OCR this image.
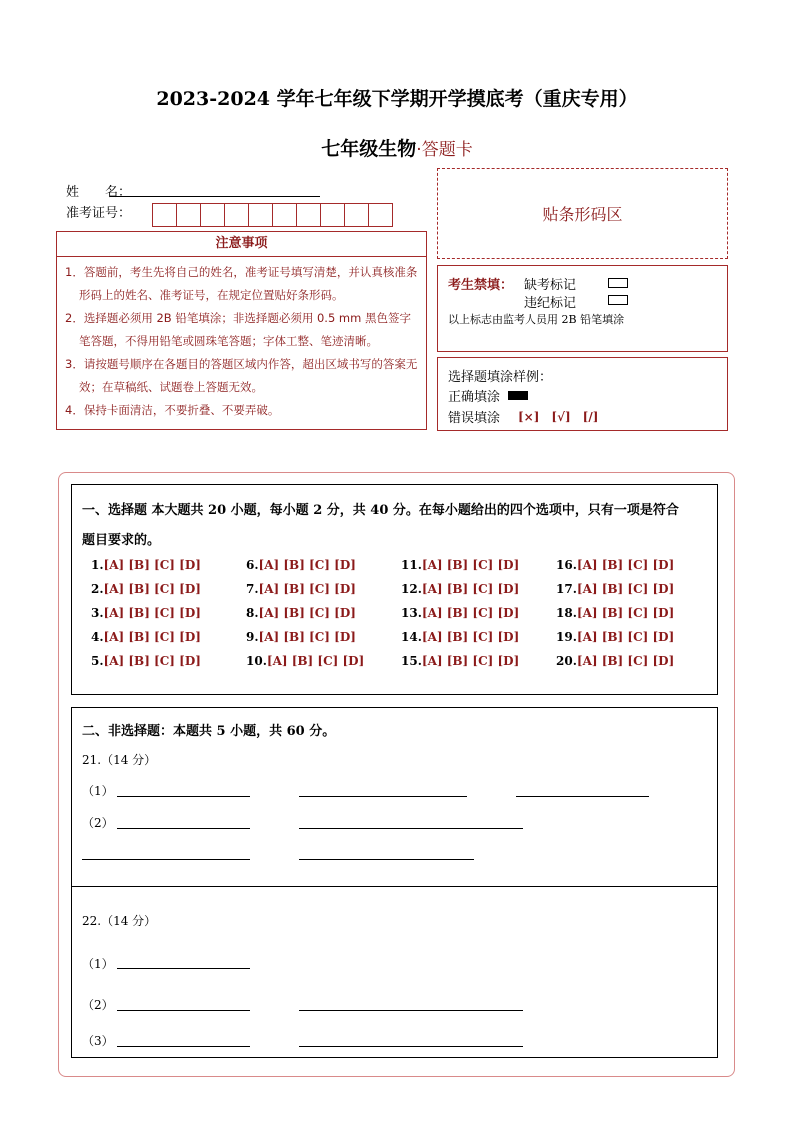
2023-2024 学年七年级下学期开学摸底考（重庆专用）
七年级生物·答题卡
姓　　名：
准考证号：	贴条形码区
注意事项
1．答题前，考生先将自己的姓名，准考证号填写清楚，并认真核准条形码上的姓名、准考证号，在规定位置贴好条形码。
2．选择题必须用 2B 铅笔填涂；非选择题必须用 0.5 mm 黑色签字笔答题，不得用铅笔或圆珠笔答题；字体工整、笔迹清晰。
3．请按题号顺序在各题目的答题区域内作答，超出区域书写的答案无效；在草稿纸、试题卷上答题无效。
4．保持卡面清洁，不要折叠、不要弄破。
考生禁填： 缺考标记
违纪标记
以上标志由监考人员用 2B 铅笔填涂
选择题填涂样例：
正确填涂
错误填涂 [×]　[√]　[/]
一、选择题 本大题共 20 小题，每小题 2 分，共 40 分。在每小题给出的四个选项中，只有一项是符合
题目要求的。
1.[A] [B] [C] [D]
2.[A] [B] [C] [D]
3.[A] [B] [C] [D]
4.[A] [B] [C] [D]
5.[A] [B] [C] [D]
6.[A] [B] [C] [D]
7.[A] [B] [C] [D]
8.[A] [B] [C] [D]
9.[A] [B] [C] [D]
10.[A] [B] [C] [D]
11.[A] [B] [C] [D]
12.[A] [B] [C] [D]
13.[A] [B] [C] [D]
14.[A] [B] [C] [D]
15.[A] [B] [C] [D]
16.[A] [B] [C] [D]
17.[A] [B] [C] [D]
18.[A] [B] [C] [D]
19.[A] [B] [C] [D]
20.[A] [B] [C] [D]
二、非选择题：本题共 5 小题，共 60 分。
21.（14 分）
（1）
（2）
22.（14 分）
（1）
（2）
（3）
